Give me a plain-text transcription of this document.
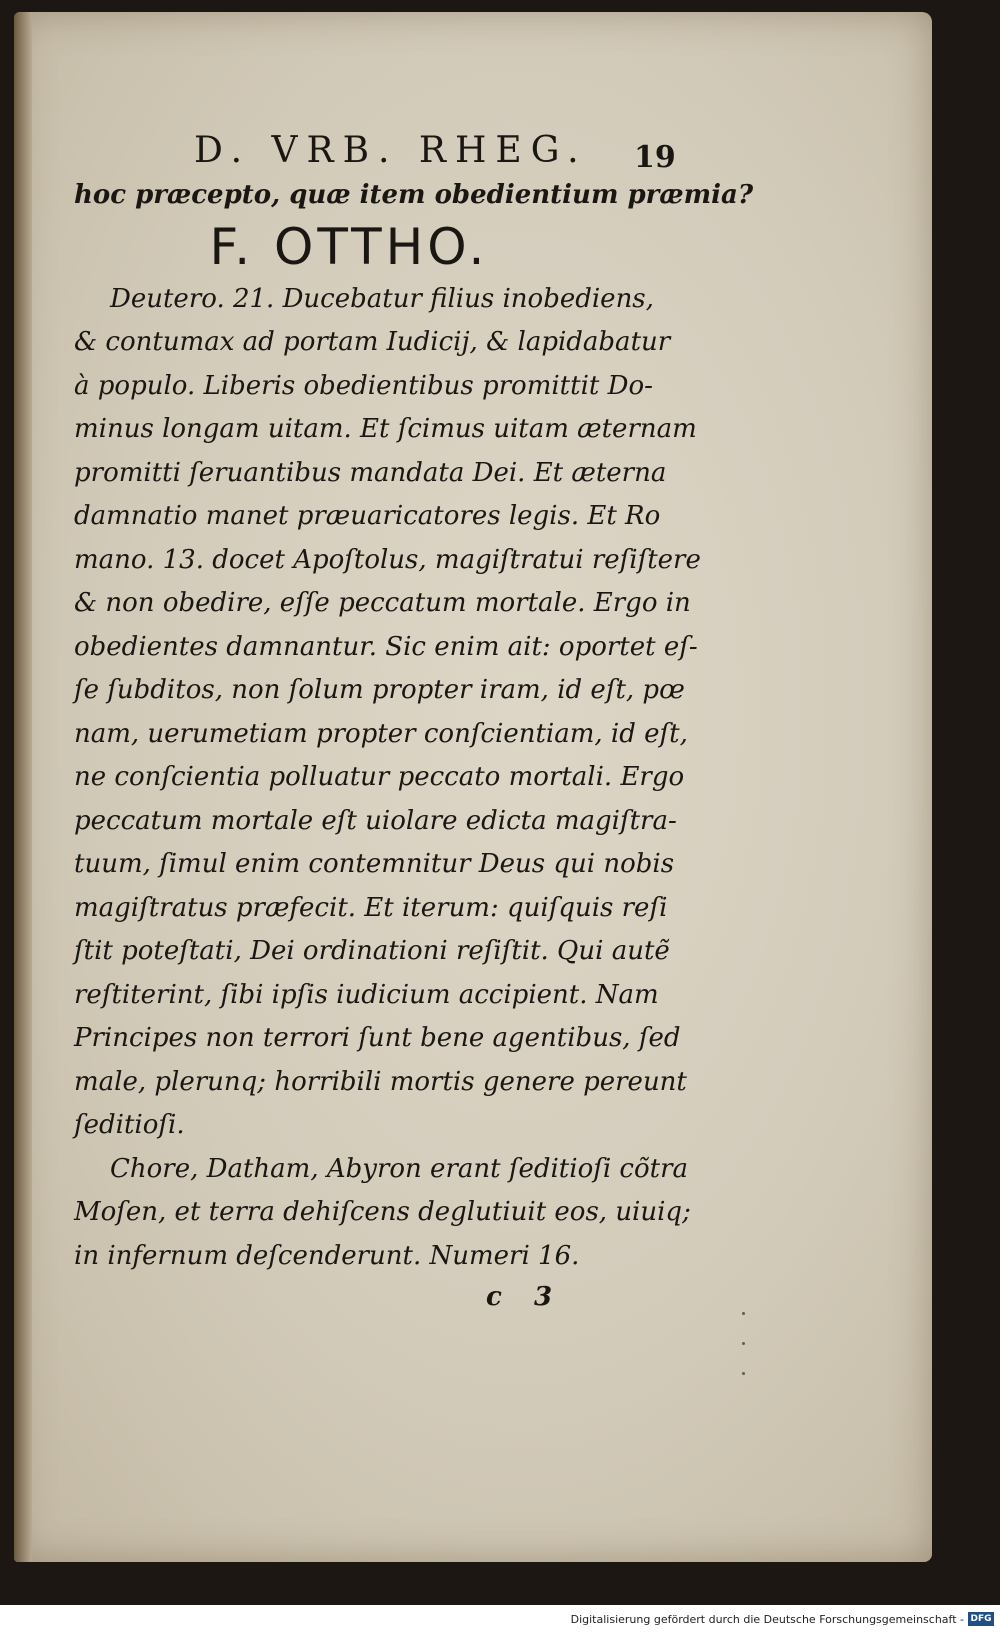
D. VRB. RHEG. 19
hoc præcepto, quæ item obedientium præmia?
F. OTTHO.
Deutero. 21. Ducebatur filius inobediens,
& contumax ad portam Iudicij, & lapidabatur
à populo. Liberis obedientibus promittit Do-
minus longam uitam. Et ſcimus uitam æternam
promitti ſeruantibus mandata Dei. Et æterna
damnatio manet præuaricatores legis. Et Ro
mano. 13. docet Apoſtolus, magiſtratui reſiſtere
& non obedire, eſſe peccatum mortale. Ergo in
obedientes damnantur. Sic enim ait: oportet eſ-
ſe ſubditos, non ſolum propter iram, id eſt, pœ
nam, uerumetiam propter conſcientiam, id eſt,
ne conſcientia polluatur peccato mortali. Ergo
peccatum mortale eſt uiolare edicta magiſtra-
tuum, ſimul enim contemnitur Deus qui nobis
magiſtratus præfecit. Et iterum: quiſquis reſi
ſtit poteſtati, Dei ordinationi reſiſtit. Qui autẽ
reſtiterint, ſibi ipſis iudicium accipient. Nam
Principes non terrori ſunt bene agentibus, ſed
male, plerunq; horribili mortis genere pereunt
ſeditioſi.
Chore, Datham, Abyron erant ſeditioſi cõtra
Moſen, et terra dehiſcens deglutiuit eos, uiuiq;
in infernum deſcenderunt. Numeri 16.
c 3
Digitalisierung gefördert durch die Deutsche Forschungsgemeinschaft - DFG
